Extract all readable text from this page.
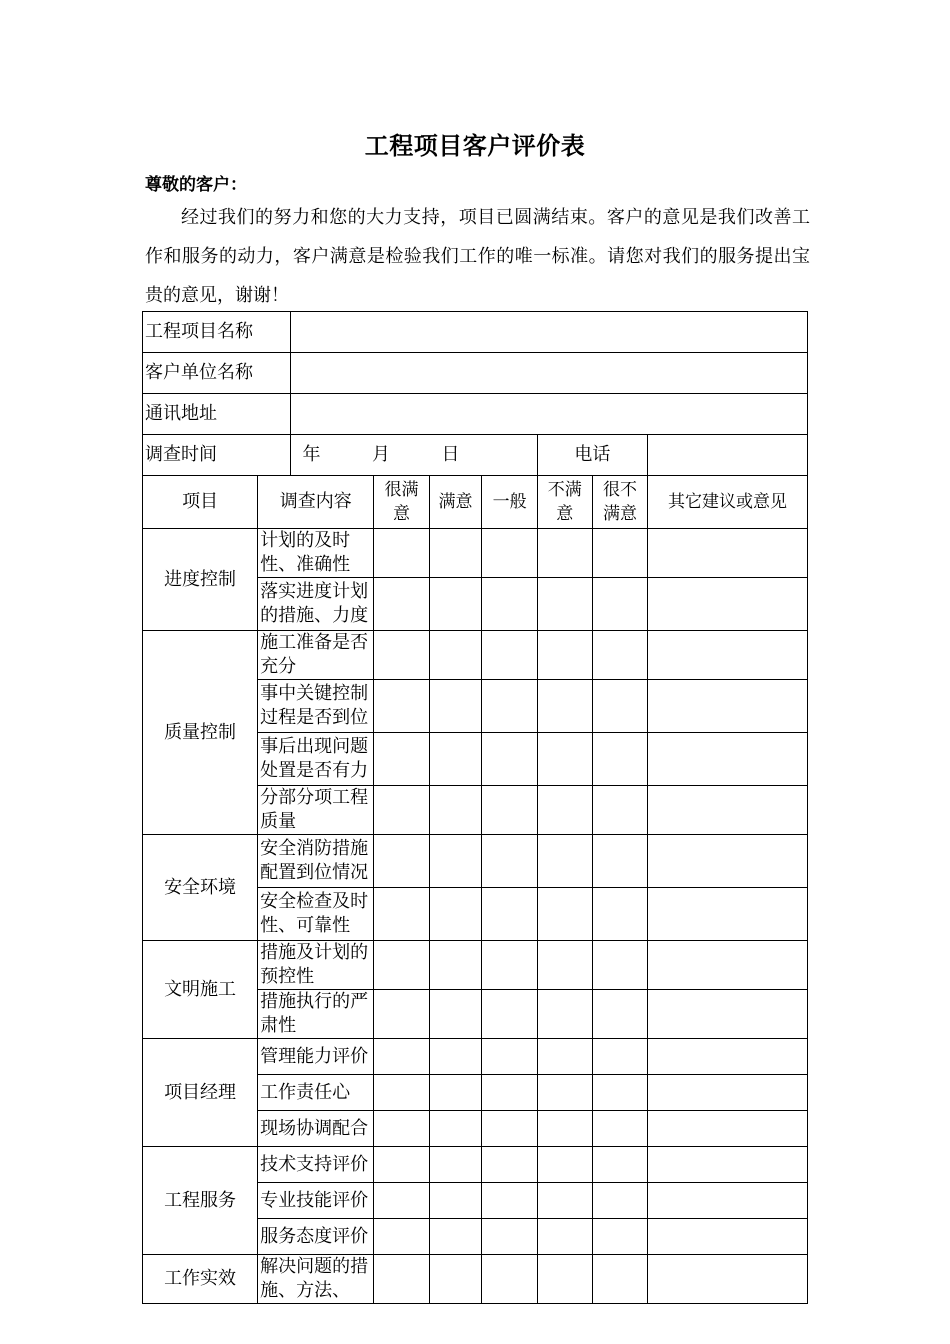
工程项目客户评价表
尊敬的客户：

经过我们的努力和您的大力支持，项目已圆满结束。客户的意见是我们改善工作和服务的动力，客户满意是检验我们工作的唯一标准。请您对我们的服务提出宝贵的意见，谢谢！

工程项目名称								
客户单位名称								
通讯地址								
调查时间		年 月 日				电话		
项目	调查内容		很满意	满意	一般	不满意	很不满意	其它建议或意见
进度控制	计划的及时性、准确性							
	落实进度计划的措施、力度							
质量控制	施工准备是否充分							
	事中关键控制过程是否到位							
	事后出现问题处置是否有力							
	分部分项工程质量							
安全环境	安全消防措施配置到位情况							
	安全检查及时性、可靠性							
文明施工	措施及计划的预控性							
	措施执行的严肃性							
项目经理	管理能力评价							
	工作责任心							
	现场协调配合							
工程服务	技术支持评价							
	专业技能评价							
	服务态度评价							
工作实效	解决问题的措施、方法、							
